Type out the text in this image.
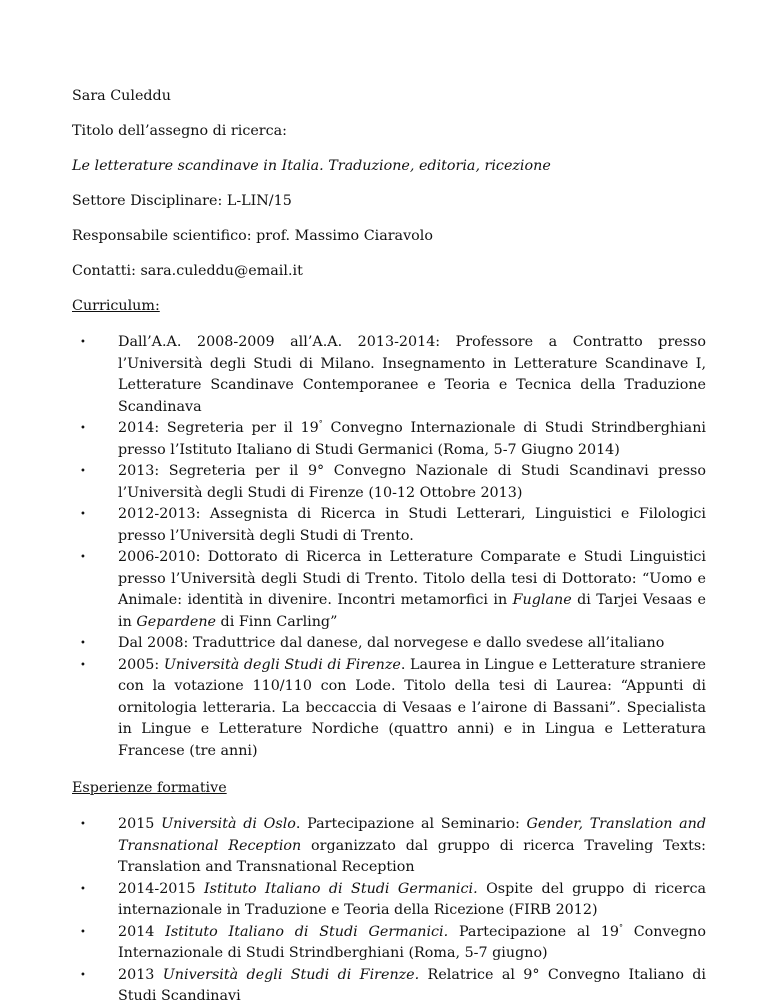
Sara Culeddu

Titolo dell’assegno di ricerca:

Le letterature scandinave in Italia. Traduzione, editoria, ricezione

Settore Disciplinare: L-LIN/15

Responsabile scientifico: prof. Massimo Ciaravolo

Contatti: sara.culeddu@email.it

Curriculum:

• Dall’A.A. 2008-2009 all’A.A. 2013-2014: Professore a Contratto presso l’Università degli Studi di Milano. Insegnamento in Letterature Scandinave I, Letterature Scandinave Contemporanee e Teoria e Tecnica della Traduzione Scandinava
• 2014: Segreteria per il 19° Convegno Internazionale di Studi Strindberghiani presso l’Istituto Italiano di Studi Germanici (Roma, 5-7 Giugno 2014)
• 2013: Segreteria per il 9° Convegno Nazionale di Studi Scandinavi presso l’Università degli Studi di Firenze (10-12 Ottobre 2013)
• 2012-2013: Assegnista di Ricerca in Studi Letterari, Linguistici e Filologici presso l’Università degli Studi di Trento.
• 2006-2010: Dottorato di Ricerca in Letterature Comparate e Studi Linguistici presso l’Università degli Studi di Trento. Titolo della tesi di Dottorato: “Uomo e Animale: identità in divenire. Incontri metamorfici in Fuglane di Tarjei Vesaas e in Gepardene di Finn Carling”
• Dal 2008: Traduttrice dal danese, dal norvegese e dallo svedese all’italiano
• 2005: Università degli Studi di Firenze. Laurea in Lingue e Letterature straniere con la votazione 110/110 con Lode. Titolo della tesi di Laurea: “Appunti di ornitologia letteraria. La beccaccia di Vesaas e l’airone di Bassani”. Specialista in Lingue e Letterature Nordiche (quattro anni) e in Lingua e Letteratura Francese (tre anni)

Esperienze formative

• 2015 Università di Oslo. Partecipazione al Seminario: Gender, Translation and Transnational Reception organizzato dal gruppo di ricerca Traveling Texts: Translation and Transnational Reception
• 2014-2015 Istituto Italiano di Studi Germanici. Ospite del gruppo di ricerca internazionale in Traduzione e Teoria della Ricezione (FIRB 2012)
• 2014 Istituto Italiano di Studi Germanici. Partecipazione al 19° Convegno Internazionale di Studi Strindberghiani (Roma, 5-7 giugno)
• 2013 Università degli Studi di Firenze. Relatrice al 9° Convegno Italiano di Studi Scandinavi
